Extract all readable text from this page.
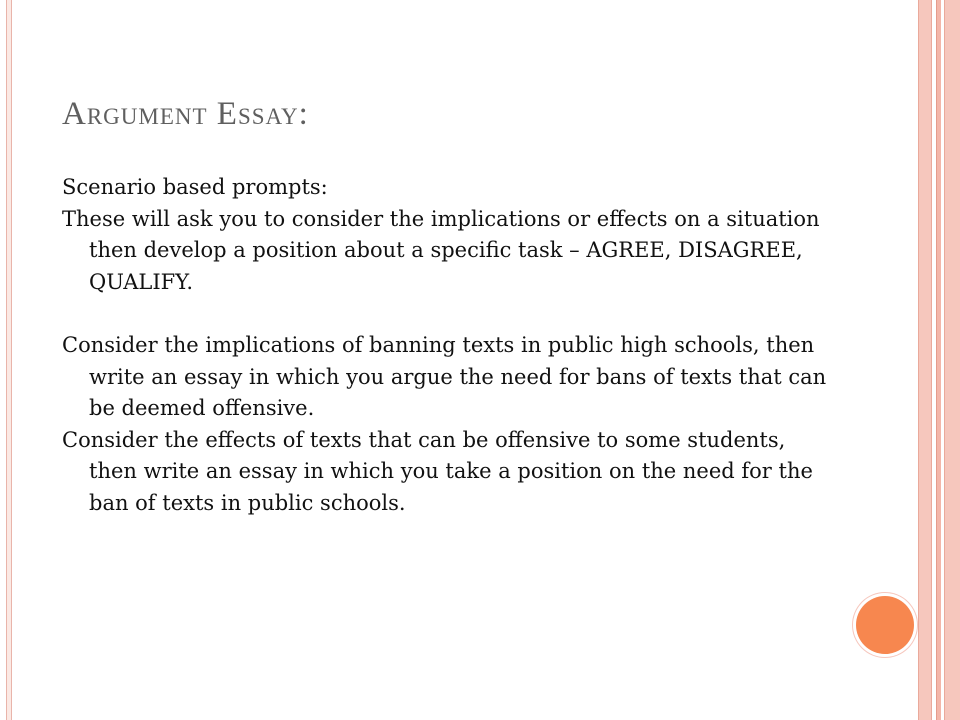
Argument Essay:

Scenario based prompts:

These will ask you to consider the implications or effects on a situation then develop a position about a specific task – AGREE, DISAGREE, QUALIFY.

Consider the implications of banning texts in public high schools, then write an essay in which you argue the need for bans of texts that can be deemed offensive.

Consider the effects of texts that can be offensive to some students, then write an essay in which you take a position on the need for the ban of texts in public schools.
